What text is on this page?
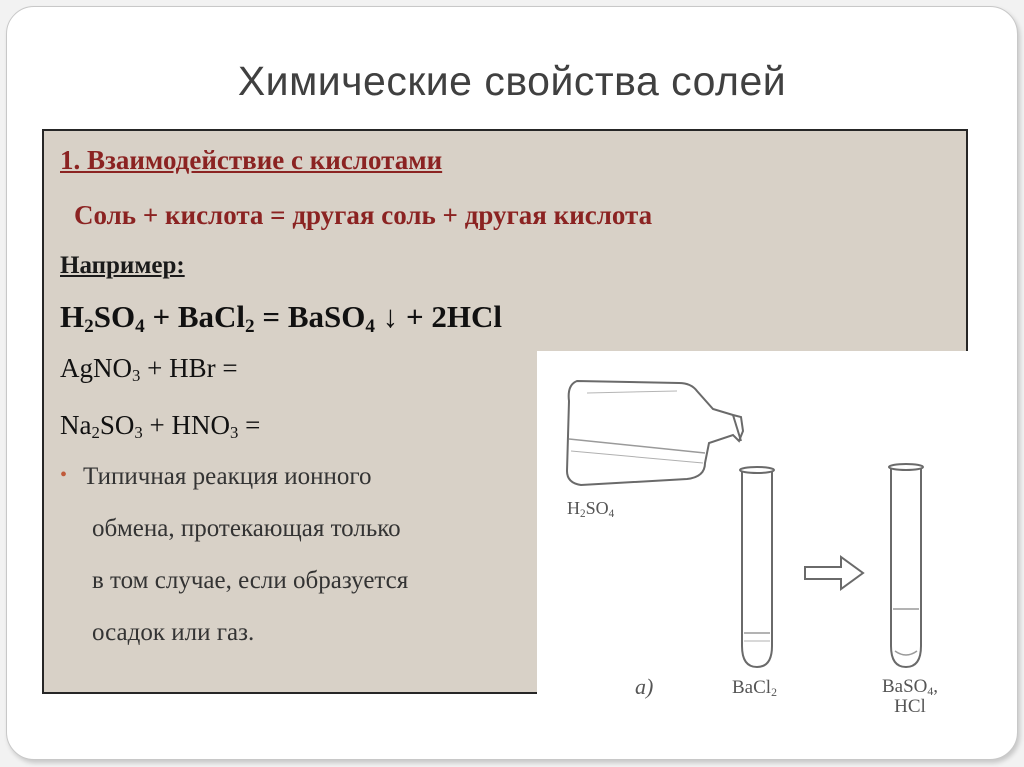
Химические свойства солей
1. Взаимодействие с кислотами
Соль + кислота = другая соль + другая кислота
Например:
$H_2SO_4$ + BaCl$_2$ = BaSO$_4$ ↓ + 2HCl
AgNO$_3$ + HBr =
$Na_2SO_3 + HNO_3$ =
• Типичная реакция ионного
обмена, протекающая только
в том случае, если образуется
осадок или газ.
$H_2SO_4$
а)	BaCl$_2$	BaSO$_4$,
HCl
